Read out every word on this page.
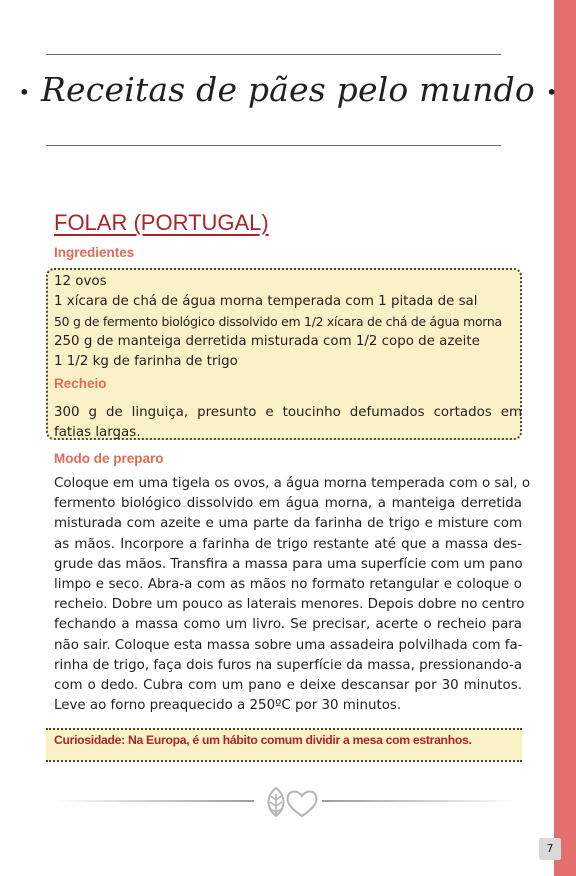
• Receitas de pães pelo mundo •
FOLAR (PORTUGAL)
Ingredientes

12 ovos

1 xícara de chá de água morna temperada com 1 pitada de sal

50 g de fermento biológico dissolvido em 1/2 xícara de chá de água morna

250 g de manteiga derretida misturada com 1/2 copo de azeite

1 1/2 kg de farinha de trigo

Recheio
300 g de linguiça, presunto e toucinho defumados cortados em
fatias largas.
Modo de preparo
Coloque em uma tigela os ovos, a água morna temperada com o sal, o
fermento biológico dissolvido em água morna, a manteiga derretida
misturada com azeite e uma parte da farinha de trigo e misture com
as mãos. Incorpore a farinha de trigo restante até que a massa des-
grude das mãos. Transfira a massa para uma superfície com um pano
limpo e seco. Abra-a com as mãos no formato retangular e coloque o
recheio. Dobre um pouco as laterais menores. Depois dobre no centro
fechando a massa como um livro. Se precisar, acerte o recheio para
não sair. Coloque esta massa sobre uma assadeira polvilhada com fa-
rinha de trigo, faça dois furos na superfície da massa, pressionando-a
com o dedo. Cubra com um pano e deixe descansar por 30 minutos.
Leve ao forno preaquecido a 250ºC por 30 minutos.

Curiosidade: Na Europa, é um hábito comum dividir a mesa com estranhos.

7
